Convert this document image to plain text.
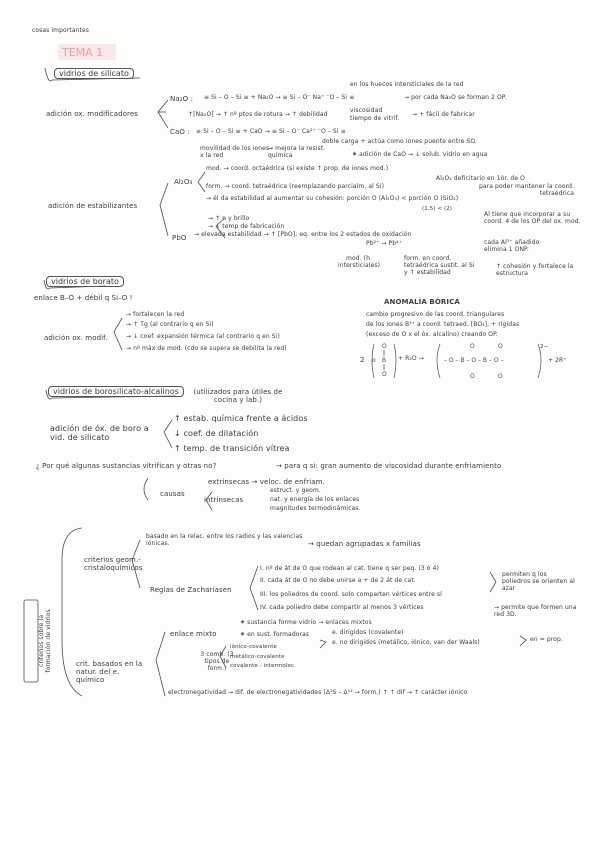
cosas importantes
TEMA 1
vidrios de silicato
en los huecos intersticiales de la red
Na₂O : ≡ Si – O – Si ≡ + Na₂O → ≡ Si – O⁻ Na⁺ ⁻O – Si ≡	→ por cada Na₂O se forman 2 OP.
adición ox. modificadores	↑[Na₂O] → ↑ nº ptos de rotura → ↑ debilidad
viscosidad
tiempo de vitrif.
→ + fácil de fabricar
CaO : ≡ Si – O – Si ≡ + CaO → ≡ Si – O⁻ Ca²⁺ ⁻O – Si ≡
doble carga + actúa como iones puente entre SO.
movilidad de los iones x la red
→ mejora la resist. química	✷ adición de CaO → ↓ solub. vidrio en agua
mod. → coord. octaédrica (si existe ↑ prop. de iones mod.)
Al₂O₃
form. → coord. tetraédrica (reemplazando parcialm. al Si)
Al₂O₃ deficitario en 1ór. de O
para poder mantener la coord. tetraédrica
→ él da estabilidad al aumentar su cohesión: porción O (Al₂O₃) < porción O (SiO₂)
(1.5) < (2)
adición de estabilizantes
→ ↑ n y brillo
→ ↓ temp de fabricación
PbO → elevada estabilidad → ↑ [PbO]: eq. entre los 2 estados de oxidación
Pb²⁺ → Pb⁴⁺
Al tiene que incorporar a su coord. 4 de los OP del ox. mod.
cada Al³⁺ añadido elimina 1 ONP.
mod. (h. intersticiales)
form. en coord. tetraédrica sustit. al Si y ↑ estabilidad
↑ cohesión y fortalece la estructura
vidrios de borato
enlace B–O + débil q Si–O !
→ fortalecen la red
→ ↑ Tg (al contrario q en Si)
adición ox. modif.	→ ↓ coef. expansión térmica (al contrario q en Si)
→ nº máx de mod. (cdo se supera se debilita la red)
ANOMALÍA BÓRICA
cambio progresivo de las coord. triangulares
de los iones B³⁺ a coord. tetraed. [BO₄], + rígidas
(exceso de O x el óx. alcalino) creando OP.
2
O
B
O
o	– O – B – O – B – O –
O
O
O
O
+ R₂O →
2−
+ 2R⁺
vidrios de borosilicato-alcalinos	(utilizados para útiles de cocina y lab.)
adición de óx. de boro a vid. de silicato
↑ estab. química frente a ácidos
↓ coef. de dilatación
↑ temp. de transición vítrea
¿ Por qué algunas sustancias vitrifican y otras no?	→ para q si: gran aumento de viscosidad durante enfriamiento
causas
extrínsecas → veloc. de enfriam.
intrínsecas
estruct. y geom.
nat. y energía de los enlaces
magnitudes termodinámicas.
criterios sobre la formación de vidrios
criterios geom.-cristaloquímicos
basado en la relac. entre los radios y las valencias iónicas.	→ quedan agrupadas x familias
Reglas de Zachariasen
I. nº de át de O que rodean al cat. tiene q ser peq. (3 ó 4)
II. cada át de O no debe unirse a + de 2 át de cat.
III. los poliedros de coord. solo comparten vértices entre sí
IV. cada poliedro debe compartir al menos 3 vértices
permiten q los poliedros se orienten al azar
→ permite que formen una red 3D.
✷ sustancia forme vidrio → enlaces mixtos
enlace mixto	✷ en sust. formadoras	e. dirigidos (covalente)
e. no dirigidos (metálico, iónico, van der Waals)	en = prop.
3 comb. (3 tipos de form.)
iónico-covalente
metálico-covalente
covalente - intermolec.
crit. basados en la natur. del e. químico
electronegatividad → dif. de electronegatividades (Δ¹S – Δ¹² → form.) ↑ ↑ dif → ↑ carácter iónico
